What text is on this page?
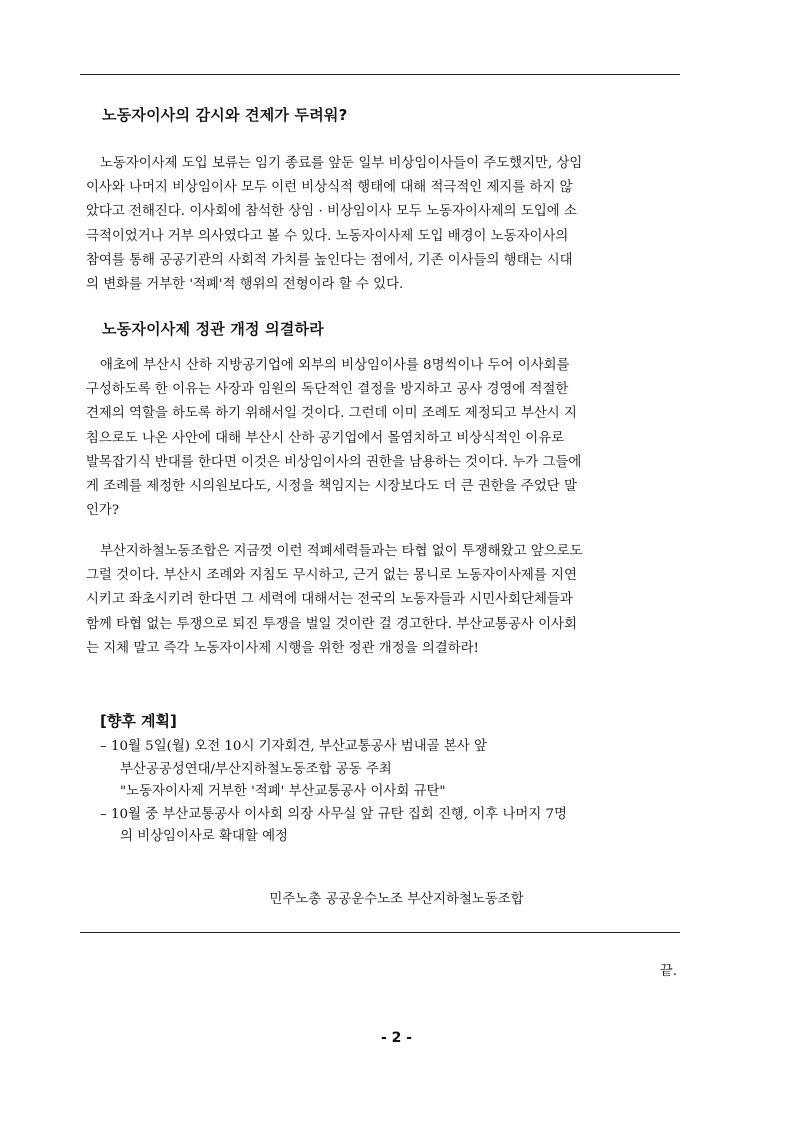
노동자이사의 감시와 견제가 두려워?
노동자이사제 도입 보류는 임기 종료를 앞둔 일부 비상임이사들이 주도했지만, 상임
이사와 나머지 비상임이사 모두 이런 비상식적 행태에 대해 적극적인 제지를 하지 않
았다고 전해진다. 이사회에 참석한 상임 · 비상임이사 모두 노동자이사제의 도입에 소
극적이었거나 거부 의사였다고 볼 수 있다. 노동자이사제 도입 배경이 노동자이사의
참여를 통해 공공기관의 사회적 가치를 높인다는 점에서, 기존 이사들의 행태는 시대
의 변화를 거부한 '적폐'적 행위의 전형이라 할 수 있다.
노동자이사제 정관 개정 의결하라
애초에 부산시 산하 지방공기업에 외부의 비상임이사를 8명씩이나 두어 이사회를
구성하도록 한 이유는 사장과 임원의 독단적인 결정을 방지하고 공사 경영에 적절한
견제의 역할을 하도록 하기 위해서일 것이다. 그런데 이미 조례도 제정되고 부산시 지
침으로도 나온 사안에 대해 부산시 산하 공기업에서 몰염치하고 비상식적인 이유로
발목잡기식 반대를 한다면 이것은 비상임이사의 권한을 남용하는 것이다. 누가 그들에
게 조례를 제정한 시의원보다도, 시정을 책임지는 시장보다도 더 큰 권한을 주었단 말
인가?
부산지하철노동조합은 지금껏 이런 적폐세력들과는 타협 없이 투쟁해왔고 앞으로도
그럴 것이다. 부산시 조례와 지침도 무시하고, 근거 없는 몽니로 노동자이사제를 지연
시키고 좌초시키려 한다면 그 세력에 대해서는 전국의 노동자들과 시민사회단체들과
함께 타협 없는 투쟁으로 퇴진 투쟁을 벌일 것이란 걸 경고한다. 부산교통공사 이사회
는 지체 말고 즉각 노동자이사제 시행을 위한 정관 개정을 의결하라!
[향후 계획]
– 10월 5일(월) 오전 10시 기자회견, 부산교통공사 범내골 본사 앞
부산공공성연대/부산지하철노동조합 공동 주최
"노동자이사제 거부한 '적폐' 부산교통공사 이사회 규탄"
– 10월 중 부산교통공사 이사회 의장 사무실 앞 규탄 집회 진행, 이후 나머지 7명
의 비상임이사로 확대할 예정
민주노총 공공운수노조 부산지하철노동조합
끝.
- 2 -
